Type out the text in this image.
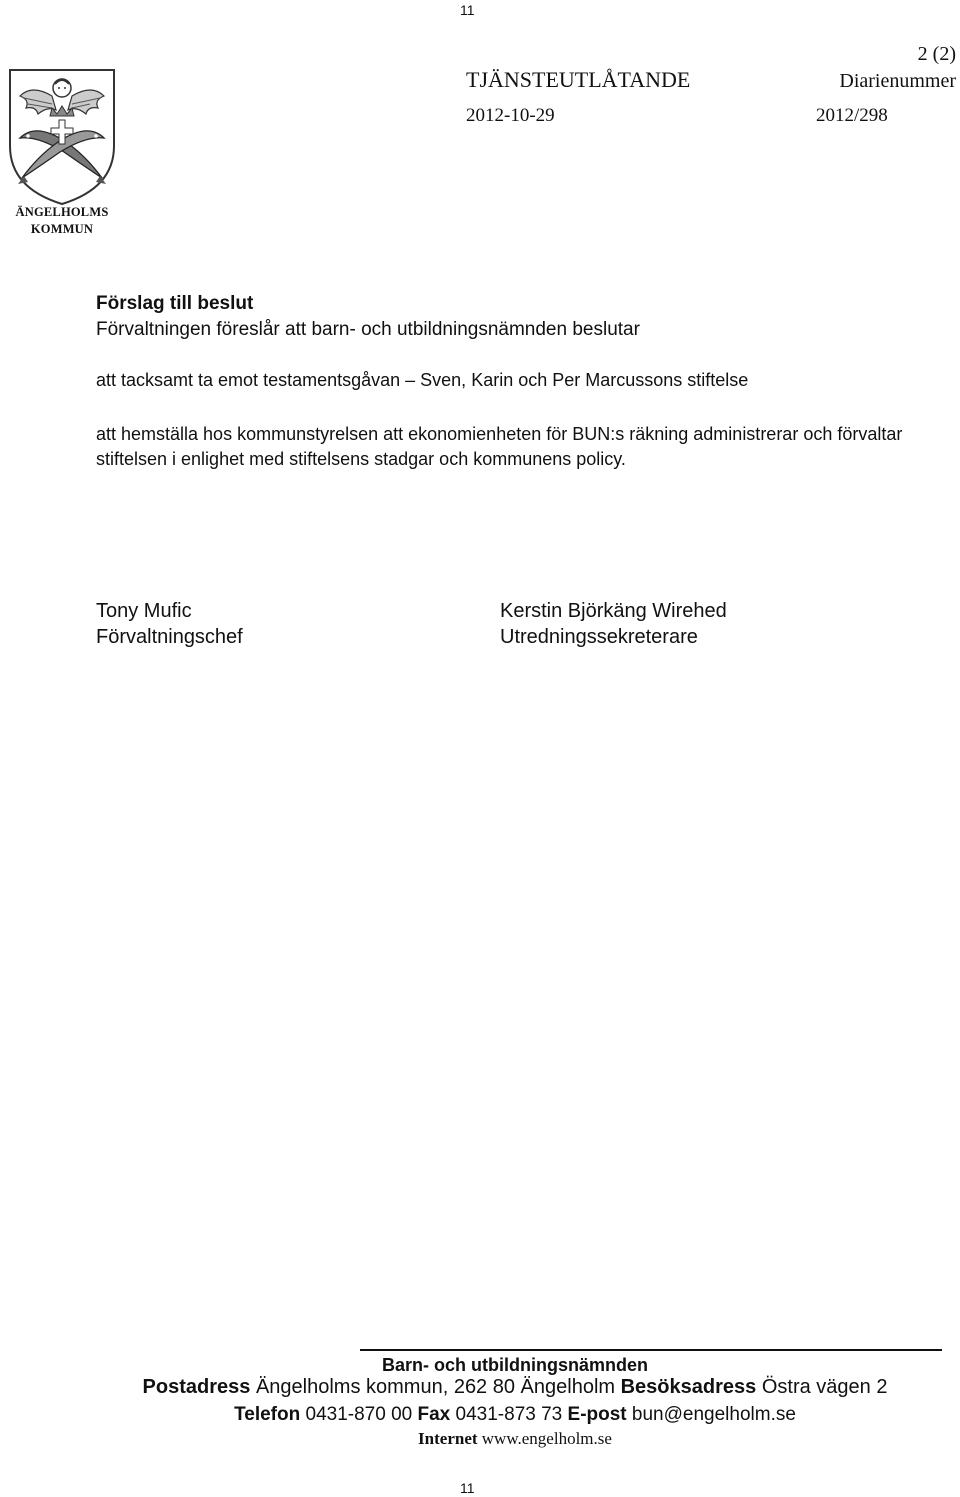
11
ÄNGELHOLMS
KOMMUN
2 (2)
TJÄNSTEUTLÅTANDE	Diarienummer
2012-10-29	2012/298
Förslag till beslut
Förvaltningen föreslår att barn- och utbildningsnämnden beslutar
att tacksamt ta emot testamentsgåvan – Sven, Karin och Per Marcussons stiftelse
att hemställa hos kommunstyrelsen att ekonomienheten för BUN:s räkning administrerar och förvaltar stiftelsen i enlighet med stiftelsens stadgar och kommunens policy.
Tony Mufic
Förvaltningschef
Kerstin Björkäng Wirehed
Utredningssekreterare
Barn- och utbildningsnämnden
Postadress Ängelholms kommun, 262 80 Ängelholm Besöksadress Östra vägen 2
Telefon 0431-870 00 Fax 0431-873 73 E-post bun@engelholm.se
Internet www.engelholm.se
11
